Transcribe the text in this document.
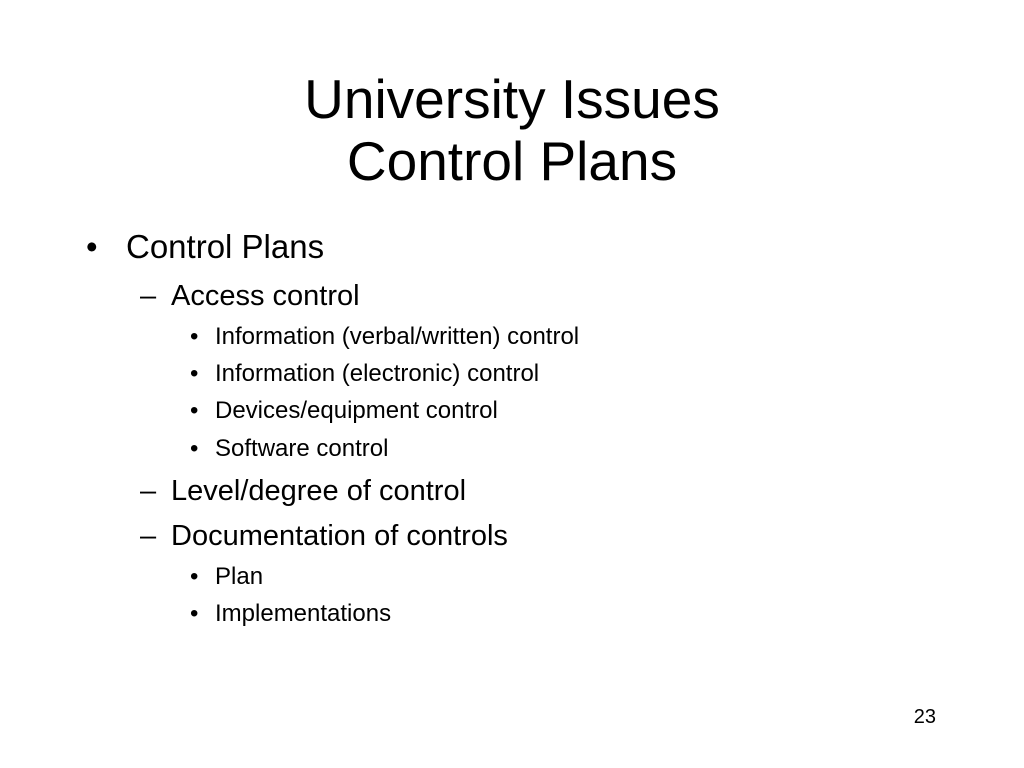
University Issues
Control Plans
• Control Plans
– Access control
• Information (verbal/written) control
• Information (electronic) control
• Devices/equipment control
• Software control
– Level/degree of control
– Documentation of controls
• Plan
• Implementations
23
